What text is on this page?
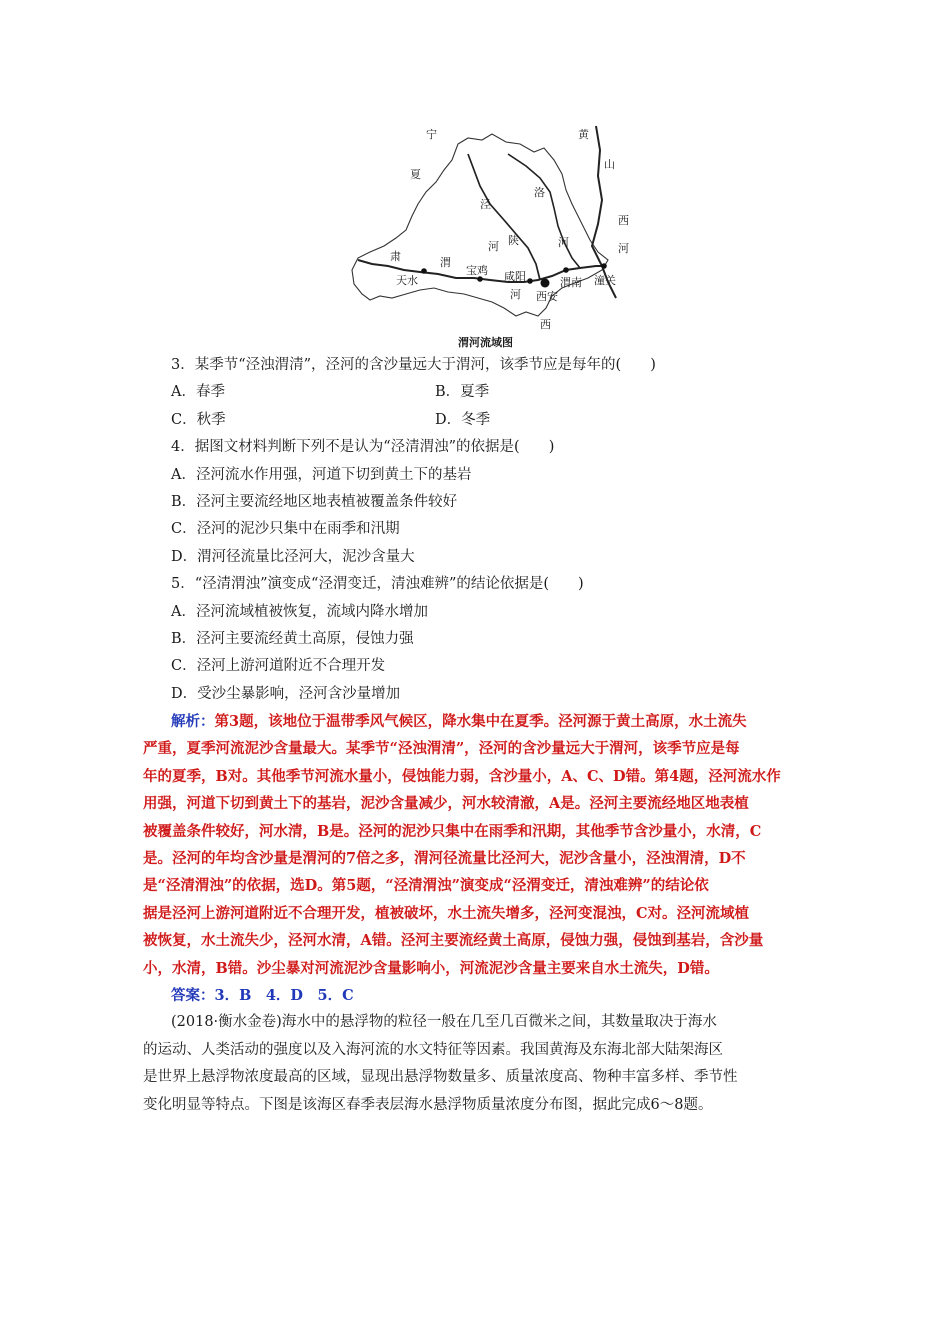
宁
夏
黄
山
西
河
泾
洛
陕
河	河
肃	渭
天水
宝鸡 咸阳	渭南 潼关
西安
河
西
渭河流域图
3．某季节“泾浊渭清”，泾河的含沙量远大于渭河，该季节应是每年的(　　)
A．春季	B．夏季
C．秋季	D．冬季
4．据图文材料判断下列不是认为“泾清渭浊”的依据是(　　)
A．泾河流水作用强，河道下切到黄土下的基岩
B．泾河主要流经地区地表植被覆盖条件较好
C．泾河的泥沙只集中在雨季和汛期
D．渭河径流量比泾河大，泥沙含量大
5．“泾清渭浊”演变成“泾渭变迁，清浊难辨”的结论依据是(　　)
A．泾河流域植被恢复，流域内降水增加
B．泾河主要流经黄土高原，侵蚀力强
C．泾河上游河道附近不合理开发
D．受沙尘暴影响，泾河含沙量增加
解析：第3题，该地位于温带季风气候区，降水集中在夏季。泾河源于黄土高原，水土流失
严重，夏季河流泥沙含量最大。某季节“泾浊渭清”，泾河的含沙量远大于渭河，该季节应是每
年的夏季，B对。其他季节河流水量小，侵蚀能力弱，含沙量小，A、C、D错。第4题，泾河流水作
用强，河道下切到黄土下的基岩，泥沙含量减少，河水较清澈，A是。泾河主要流经地区地表植
被覆盖条件较好，河水清，B是。泾河的泥沙只集中在雨季和汛期，其他季节含沙量小，水清，C
是。泾河的年均含沙量是渭河的7倍之多，渭河径流量比泾河大，泥沙含量小，泾浊渭清，D不
是“泾清渭浊”的依据，选D。第5题，“泾清渭浊”演变成“泾渭变迁，清浊难辨”的结论依
据是泾河上游河道附近不合理开发，植被破坏，水土流失增多，泾河变混浊，C对。泾河流域植
被恢复，水土流失少，泾河水清，A错。泾河主要流经黄土高原，侵蚀力强，侵蚀到基岩，含沙量
小，水清，B错。沙尘暴对河流泥沙含量影响小，河流泥沙含量主要来自水土流失，D错。
答案：3．B　4．D　5．C
(2018·衡水金卷)海水中的悬浮物的粒径一般在几至几百微米之间，其数量取决于海水
的运动、人类活动的强度以及入海河流的水文特征等因素。我国黄海及东海北部大陆架海区
是世界上悬浮物浓度最高的区域，显现出悬浮物数量多、质量浓度高、物种丰富多样、季节性
变化明显等特点。下图是该海区春季表层海水悬浮物质量浓度分布图，据此完成6～8题。
